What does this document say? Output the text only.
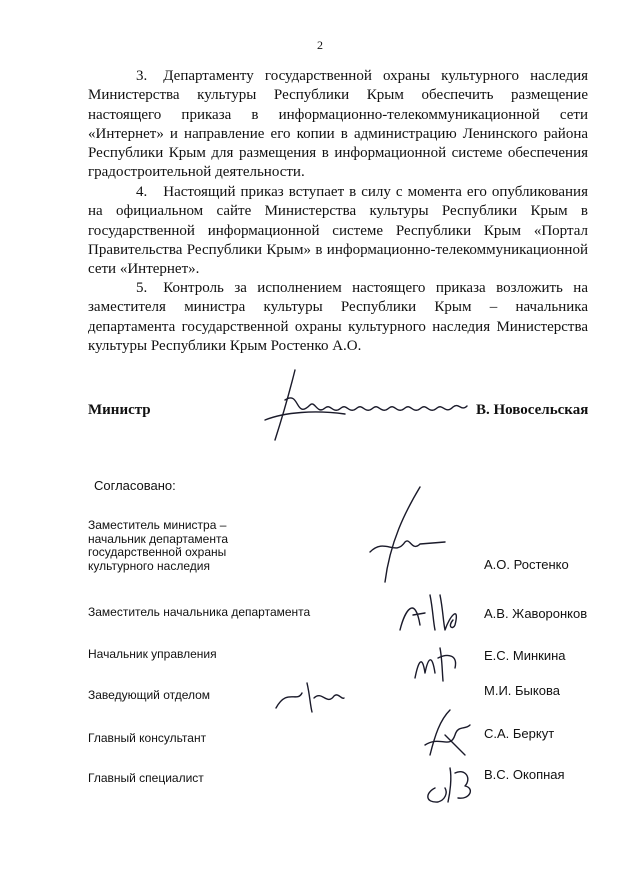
2

3. Департаменту государственной охраны культурного наследия Министерства культуры Республики Крым обеспечить размещение настоящего приказа в информационно-телекоммуникационной сети «Интернет» и направление его копии в администрацию Ленинского района Республики Крым для размещения в информационной системе обеспечения градостроительной деятельности.

4. Настоящий приказ вступает в силу с момента его опубликования на официальном сайте Министерства культуры Республики Крым в государственной информационной системе Республики Крым «Портал Правительства Республики Крым» в информационно-телекоммуникационной сети «Интернет».

5. Контроль за исполнением настоящего приказа возложить на заместителя министра культуры Республики Крым – начальника департамента государственной охраны культурного наследия Министерства культуры Республики Крым Ростенко А.О.

Министр	В. Новосельская
Согласовано:
Заместитель министра –
начальник департамента
государственной охраны
культурного наследия	А.О. Ростенко
Заместитель начальника департамента	А.В. Жаворонков
Начальник управления	Е.С. Минкина
Заведующий отделом	М.И. Быкова
Главный консультант	С.А. Беркут
Главный специалист	В.С. Окопная
